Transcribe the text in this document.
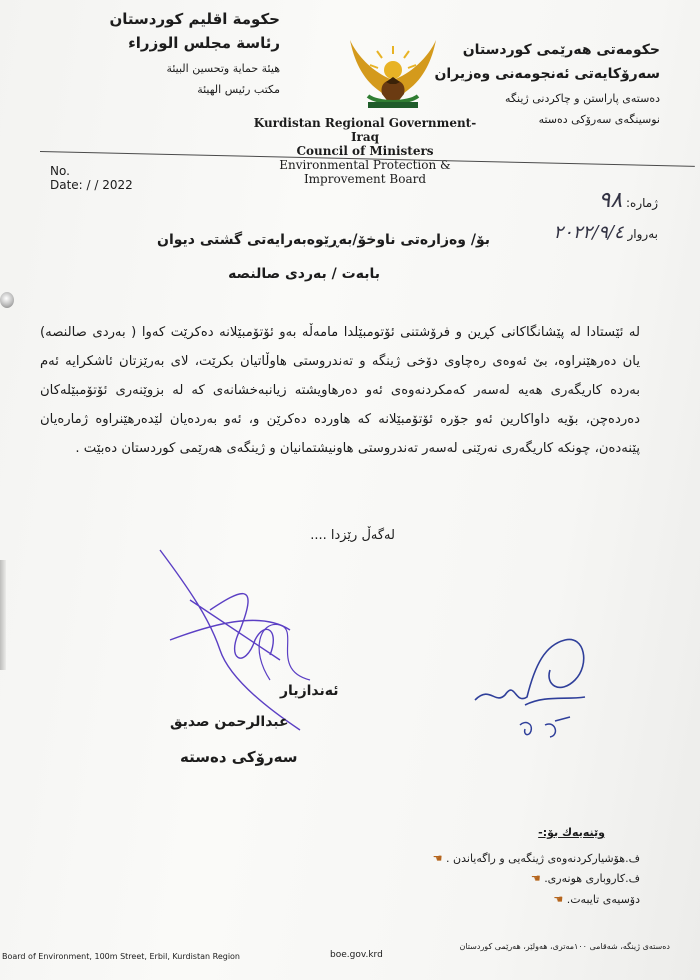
حكومة اقليم كوردستان
رئاسة مجلس الوزراء
هيئة حماية وتحسين البيئة
مكتب رئيس الهيئة
حكومەتی هەرێمی كوردستان
سەرۆكایەتی ئەنجومەنی وەزیران
دەستەی پاراستن و چاكردنی ژینگە
نوسینگەی سەرۆكی دەستە
Kurdistan Regional Government- Iraq
Council of Ministers
Environmental Protection & Improvement Board
No.
Date: / / 2022
ژمارە: ٩٨
بەروار ٢٠٢٢/٩/٤
بۆ/ وەزارەتی ناوخۆ/بەڕێوەبەرایەتی گشتی دیوان
بابەت / بەردی صالنصە
لە ئێستادا لە پێشانگاكانی كڕین و فرۆشتنی ئۆتومبێلدا مامەڵە بەو ئۆتۆمبێلانە دەكرێت كەوا ( بەردی صالنصە) یان دەرهێنراوە، بێ ئەوەی رەچاوی دۆخی ژینگە و تەندروستی هاوڵاتیان بكرێت، لای بەرێزتان ئاشكرایە ئەم بەردە كاریگەری هەیە لەسەر كەمكردنەوەی ئەو دەرهاویشتە زیانبەخشانەی كە لە بزوێنەری ئۆتۆمبێلەكان دەردەچن، بۆیە داواكارین ئەو جۆرە ئۆتۆمبێلانە كە هاوردە دەكرێن و، ئەو بەردەیان لێدەرهێنراوە ژمارەیان پێنەدەن، چونكە كاریگەری نەرێنی لەسەر تەندروستی هاونیشتمانیان و ژینگەی هەرێمی كوردستان دەبێت .
لەگەڵ رێزدا ....
ئەندازیار
عبدالرحمن صدیق
سەرۆكی دەستە
وێنەیەك بۆ:-
ف.هۆشیاركردنەوەی ژینگەیی و راگەیاندن . ☚
ف.كاروباری هونەری. ☚
دۆسیەی تایبەت. ☚
Board of Environment, 100m Street, Erbil, Kurdistan Region	boe.gov.krd
دەستەی ژینگە، شەقامی ١٠٠مەتری، هەولێر، هەرێمی كوردستان
